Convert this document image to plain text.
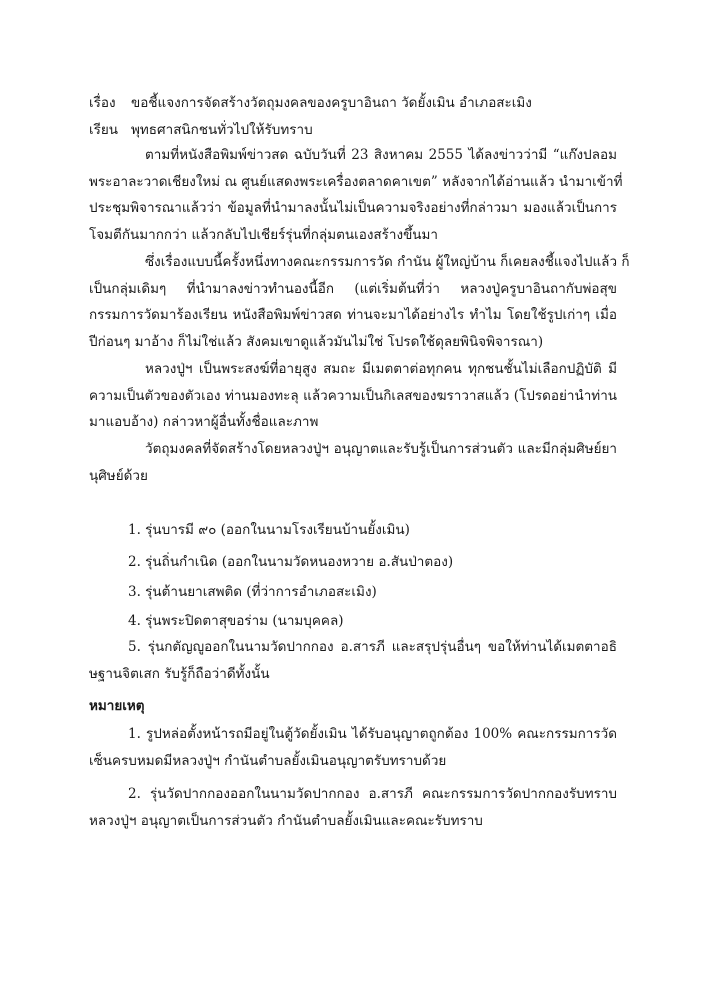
เรื่อง ขอชี้แจงการจัดสร้างวัตถุมงคลของครูบาอินถา วัดยั้งเมิน อำเภอสะเมิง
เรียน พุทธศาสนิกชนทั่วไปให้รับทราบ
ตามที่หนังสือพิมพ์ข่าวสด ฉบับวันที่ 23 สิงหาคม 2555 ได้ลงข่าวว่ามี “แก๊งปลอม
พระอาละวาดเชียงใหม่ ณ ศูนย์แสดงพระเครื่องตลาดคาเขต” หลังจากได้อ่านแล้ว นำมาเข้าที่
ประชุมพิจารณาแล้วว่า ข้อมูลที่นำมาลงนั้นไม่เป็นความจริงอย่างที่กล่าวมา มองแล้วเป็นการ
โจมตีกันมากกว่า แล้วกลับไปเชียร์รุ่นที่กลุ่มตนเองสร้างขึ้นมา
ซึ่งเรื่องแบบนี้ครั้งหนึ่งทางคณะกรรมการวัด กำนัน ผู้ใหญ่บ้าน ก็เคยลงชี้แจงไปแล้ว ก็
เป็นกลุ่มเดิมๆ ที่นำมาลงข่าวทำนองนี้อีก (แต่เริ่มต้นที่ว่า หลวงปู่ครูบาอินถากับพ่อสุข
กรรมการวัดมาร้องเรียน หนังสือพิมพ์ข่าวสด ท่านจะมาได้อย่างไร ทำไม โดยใช้รูปเก่าๆ เมื่อ
ปีก่อนๆ มาอ้าง ก็ไม่ใช่แล้ว สังคมเขาดูแล้วมันไม่ใช่ โปรดใช้ดุลยพินิจพิจารณา)
หลวงปู่ฯ เป็นพระสงฆ์ที่อายุสูง สมถะ มีเมตตาต่อทุกคน ทุกชนชั้นไม่เลือกปฏิบัติ มี
ความเป็นตัวของตัวเอง ท่านมองทะลุ แล้วความเป็นกิเลสของฆราวาสแล้ว (โปรดอย่านำท่าน
มาแอบอ้าง) กล่าวหาผู้อื่นทั้งชื่อและภาพ
วัตถุมงคลที่จัดสร้างโดยหลวงปู่ฯ อนุญาตและรับรู้เป็นการส่วนตัว และมีกลุ่มศิษย์ยา
นุศิษย์ด้วย
1. รุ่นบารมี ๙๐ (ออกในนามโรงเรียนบ้านยั้งเมิน)
2. รุ่นถิ่นกำเนิด (ออกในนามวัดหนองหวาย อ.สันป่าตอง)
3. รุ่นต้านยาเสพติด (ที่ว่าการอำเภอสะเมิง)
4. รุ่นพระปิดตาสุขอร่าม (นามบุคคล)
5. รุ่นกตัญญูออกในนามวัดปากกอง อ.สารภี และสรุปรุ่นอื่นๆ ขอให้ท่านได้เมตตาอธิ
ษฐานจิตเสก รับรู้ก็ถือว่าดีทั้งนั้น
หมายเหตุ
1. รูปหล่อตั้งหน้ารถมีอยู่ในตู้วัดยั้งเมิน ได้รับอนุญาตถูกต้อง 100% คณะกรรมการวัด
เซ็นครบหมดมีหลวงปู่ฯ กำนันตำบลยั้งเมินอนุญาตรับทราบด้วย
2. รุ่นวัดปากกองออกในนามวัดปากกอง อ.สารภี คณะกรรมการวัดปากกองรับทราบ
หลวงปู่ฯ อนุญาตเป็นการส่วนตัว กำนันตำบลยั้งเมินและคณะรับทราบ
